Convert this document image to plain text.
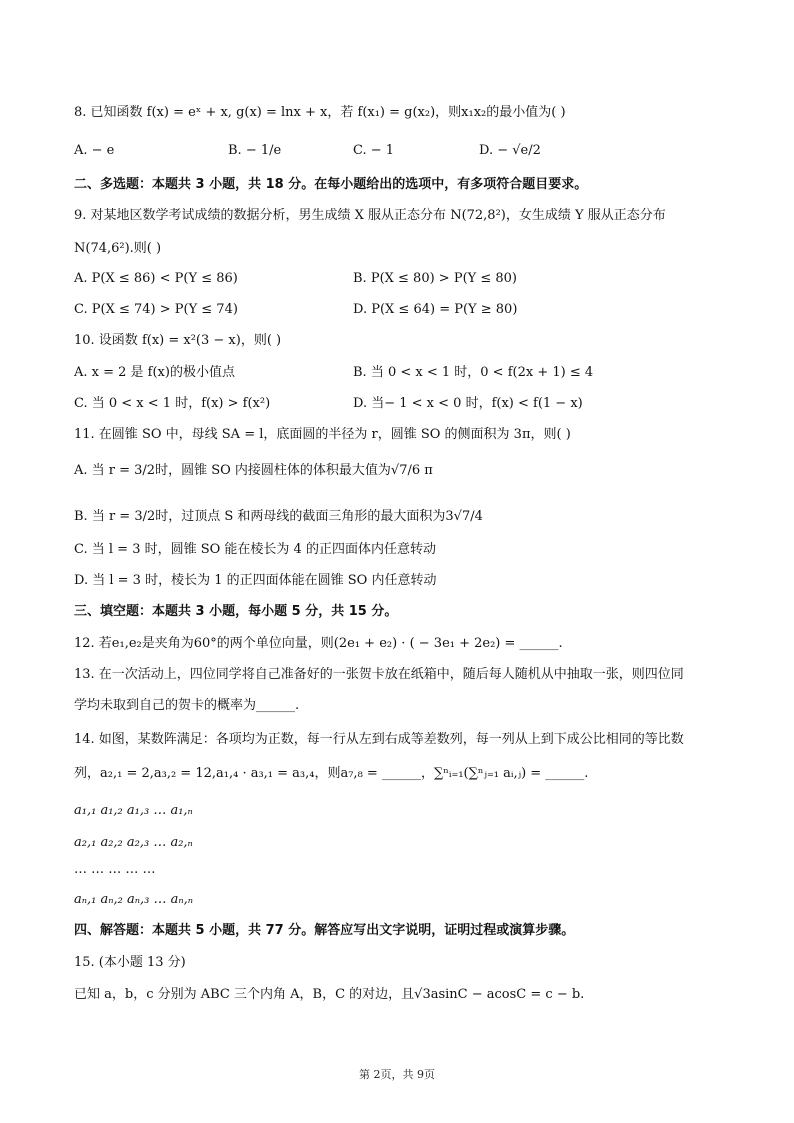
8. 已知函数 f(x) = eˣ + x, g(x) = lnx + x，若 f(x₁) = g(x₂)，则x₁x₂的最小值为( )
A. − e	B. − 1/e	C. − 1	D. − √e/2
二、多选题：本题共 3 小题，共 18 分。在每小题给出的选项中，有多项符合题目要求。
9. 对某地区数学考试成绩的数据分析，男生成绩 X 服从正态分布 N(72,8²)，女生成绩 Y 服从正态分布
N(74,6²).则( )
A. P(X ≤ 86) < P(Y ≤ 86)	B. P(X ≤ 80) > P(Y ≤ 80)
C. P(X ≤ 74) > P(Y ≤ 74)	D. P(X ≤ 64) = P(Y ≥ 80)
10. 设函数 f(x) = x²(3 − x)，则( )
A. x = 2 是 f(x)的极小值点	B. 当 0 < x < 1 时，0 < f(2x + 1) ≤ 4
C. 当 0 < x < 1 时，f(x) > f(x²)	D. 当− 1 < x < 0 时，f(x) < f(1 − x)
11. 在圆锥 SO 中，母线 SA = l，底面圆的半径为 r，圆锥 SO 的侧面积为 3π，则( )
A. 当 r = 3/2时，圆锥 SO 内接圆柱体的体积最大值为√7/6 π
B. 当 r = 3/2时，过顶点 S 和两母线的截面三角形的最大面积为3√7/4
C. 当 l = 3 时，圆锥 SO 能在棱长为 4 的正四面体内任意转动
D. 当 l = 3 时，棱长为 1 的正四面体能在圆锥 SO 内任意转动
三、填空题：本题共 3 小题，每小题 5 分，共 15 分。
12. 若e₁,e₂是夹角为60°的两个单位向量，则(2e₁ + e₂) · ( − 3e₁ + 2e₂) = ______.
13. 在一次活动上，四位同学将自己准备好的一张贺卡放在纸箱中，随后每人随机从中抽取一张，则四位同
学均未取到自己的贺卡的概率为______.
14. 如图，某数阵满足：各项均为正数，每一行从左到右成等差数列，每一列从上到下成公比相同的等比数
列，a₂,₁ = 2,a₃,₂ = 12,a₁,₄ · a₃,₁ = a₃,₄，则a₇,₈ = ______，∑ⁿᵢ₌₁(∑ⁿⱼ₌₁ aᵢ,ⱼ) = ______.
a₁,₁ a₁,₂ a₁,₃ … a₁,ₙ
a₂,₁ a₂,₂ a₂,₃ … a₂,ₙ
… … … … …
aₙ,₁ aₙ,₂ aₙ,₃ … aₙ,ₙ
四、解答题：本题共 5 小题，共 77 分。解答应写出文字说明，证明过程或演算步骤。
15. (本小题 13 分)
已知 a，b，c 分别为 ABC 三个内角 A，B，C 的对边，且√3asinC − acosC = c − b.
第 2页，共 9页
